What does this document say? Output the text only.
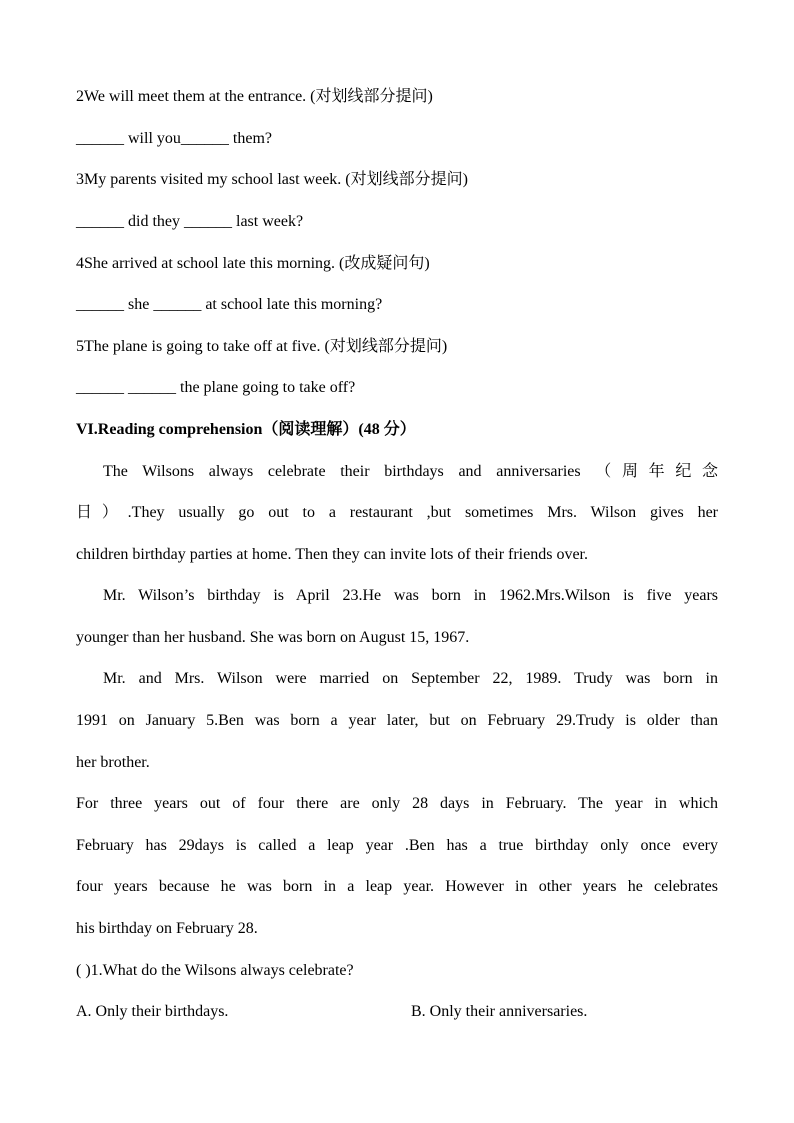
2We will meet them at the entrance. (对划线部分提问)
______ will you______ them?
3My parents visited my school last week. (对划线部分提问)
______ did they ______ last week?
4She arrived at school late this morning. (改成疑问句)
______ she ______ at school late this morning?
5The plane is going to take off at five. (对划线部分提问)
______ ______ the plane going to take off?
VI.Reading comprehension（阅读理解）(48 分）
The Wilsons always celebrate their birthdays and anniversaries （周年纪念
日）.They usually go out to a restaurant ,but sometimes Mrs. Wilson gives her
children birthday parties at home. Then they can invite lots of their friends over.
Mr. Wilson’s birthday is April 23.He was born in 1962.Mrs.Wilson is five years
younger than her husband. She was born on August 15, 1967.
Mr. and Mrs. Wilson were married on September 22, 1989. Trudy was born in
1991 on January 5.Ben was born a year later, but on February 29.Trudy is older than
her brother.
For three years out of four there are only 28 days in February. The year in which
February has 29days is called a leap year .Ben has a true birthday only once every
four years because he was born in a leap year. However in other years he celebrates
his birthday on February 28.
( )1.What do the Wilsons always celebrate?
A. Only their birthdays.	B. Only their anniversaries.
